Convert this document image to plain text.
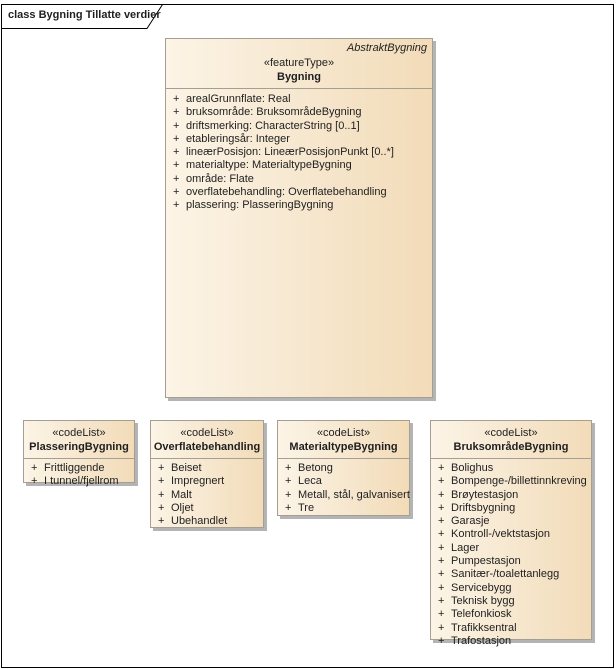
class Bygning Tillatte verdier
AbstraktBygning
«featureType»
Bygning
+ arealGrunnflate: Real
+ bruksområde: BruksområdeBygning
+ driftsmerking: CharacterString [0..1]
+ etableringsår: Integer
+ lineærPosisjon: LineærPosisjonPunkt [0..*]
+ materialtype: MaterialtypeBygning
+ område: Flate
+ overflatebehandling: Overflatebehandling
+ plassering: PlasseringBygning
«codeList»
PlasseringBygning
+ Frittliggende
+ I tunnel/fjellrom
«codeList»
Overflatebehandling
+ Beiset
+ Impregnert
+ Malt
+ Oljet
+ Ubehandlet
«codeList»
MaterialtypeBygning
+ Betong
+ Leca
+ Metall, stål, galvanisert
+ Tre
«codeList»
BruksområdeBygning
+ Bolighus
+ Bompenge-/billettinnkreving
+ Brøytestasjon
+ Driftsbygning
+ Garasje
+ Kontroll-/vektstasjon
+ Lager
+ Pumpestasjon
+ Sanitær-/toalettanlegg
+ Servicebygg
+ Teknisk bygg
+ Telefonkiosk
+ Trafikksentral
+ Trafostasjon
